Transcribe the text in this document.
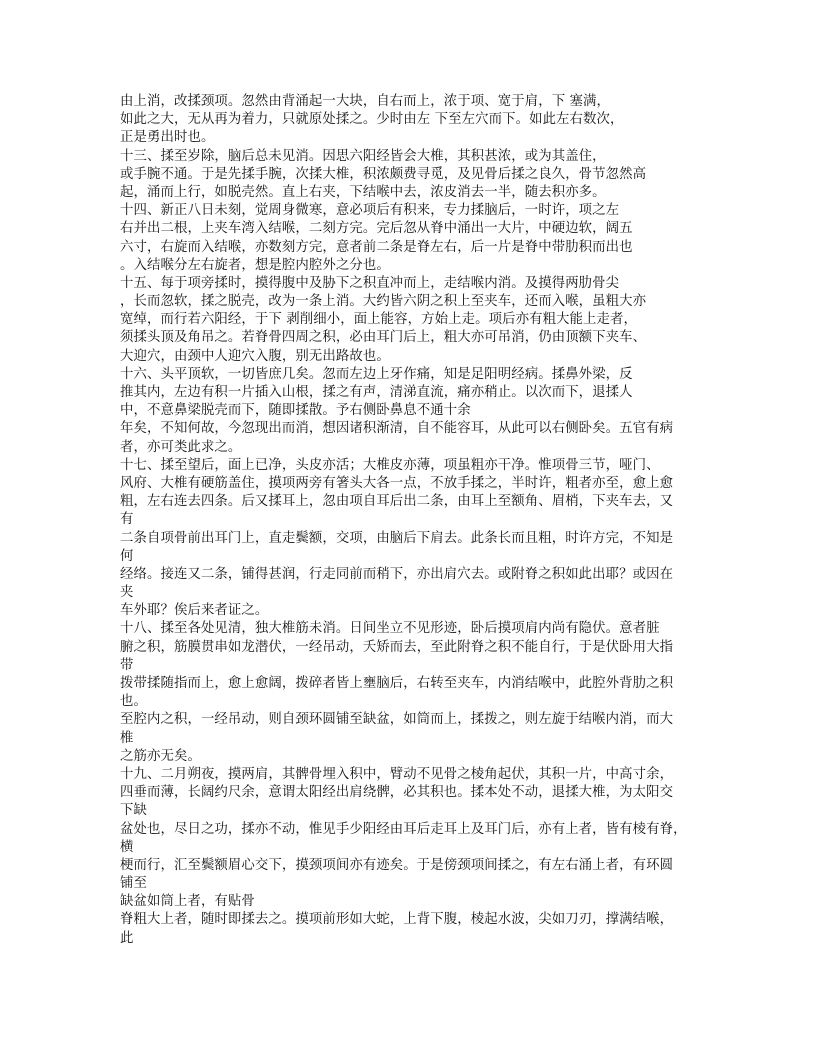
由上消，改揉颈项。忽然由背涌起一大块，自右而上，浓于项、宽于肩，下 塞满，
如此之大，无从再为着力，只就原处揉之。少时由左 下至左穴而下。如此左右数次，
正是勇出时也。
十三、揉至岁除，脑后总未见消。因思六阳经皆会大椎，其积甚浓，或为其盖住，
或手腕不通。于是先揉手腕，次揉大椎，积浓颇费寻觅，及见骨后揉之良久，骨节忽然高
起，涌而上行，如脱壳然。直上右夹，下结喉中去，浓皮消去一半，随去积亦多。
十四、新正八日未刻，觉周身微寒，意必项后有积来，专力揉脑后，一时许，项之左
右并出二根，上夹车湾入结喉，二刻方完。完后忽从脊中涌出一大片，中硬边软，阔五
六寸，右旋而入结喉，亦数刻方完，意者前二条是脊左右，后一片是脊中带肋积而出也
。入结喉分左右旋者，想是腔内腔外之分也。
十五、每于项旁揉时，摸得腹中及胁下之积直冲而上，走结喉内消。及摸得两肋骨尖
，长而忽软，揉之脱壳，改为一条上消。大约皆六阴之积上至夹车，还而入喉，虽粗大亦
宽绰，而行若六阳经，于下 剥削细小，面上能容，方始上走。项后亦有粗大能上走者，
须揉头顶及角吊之。若脊骨四周之积，必由耳门后上，粗大亦可吊消，仍由顶额下夹车、
大迎穴，由颈中人迎穴入腹，别无出路故也。
十六、头平顶软，一切皆庶几矣。忽而左边上牙作痛，知是足阳明经病。揉鼻外梁，反
推其内，左边有积一片插入山根，揉之有声，清涕直流，痛亦稍止。以次而下，退揉人
中，不意鼻梁脱壳而下，随即揉散。予右侧卧鼻息不通十余
年矣，不知何故，今忽现出而消，想因诸积渐清，自不能容耳，从此可以右侧卧矣。五官有病
者，亦可类此求之。
十七、揉至望后，面上已净，头皮亦活；大椎皮亦薄，项虽粗亦干净。惟项骨三节，哑门、
风府、大椎有硬筋盖住，摸项两旁有箸头大各一点，不放手揉之，半时许，粗者亦至，愈上愈
粗，左右连去四条。后又揉耳上，忽由项自耳后出二条，由耳上至额角、眉梢，下夹车去，又
有
二条自项骨前出耳门上，直走鬓额，交项，由脑后下肩去。此条长而且粗，时许方完，不知是
何
经络。接连又二条，铺得甚润，行走同前而稍下，亦出肩穴去。或附脊之积如此出耶？或因在
夹
车外耶？俟后来者证之。
十八、揉至各处见清，独大椎筋未消。日间坐立不见形迹，卧后摸项肩内尚有隐伏。意者脏
腑之积，筋膜贯串如龙潜伏，一经吊动，夭矫而去，至此附脊之积不能自行，于是伏卧用大指
带
拨带揉随指而上，愈上愈阔，拨碎者皆上壅脑后，右转至夹车，内消结喉中，此腔外背肋之积
也。
至腔内之积，一经吊动，则自颈环圆铺至缺盆，如筒而上，揉拨之，则左旋于结喉内消，而大
椎
之筋亦无矣。
十九、二月朔夜，摸两肩，其髀骨埋入积中，臂动不见骨之棱角起伏，其积一片，中高寸余，
四垂而薄，长阔约尺余，意谓太阳经出肩绕髀，必其积也。揉本处不动，退揉大椎，为太阳交
下缺
盆处也，尽日之功，揉亦不动，惟见手少阳经由耳后走耳上及耳门后，亦有上者，皆有棱有脊，
横
梗而行，汇至鬓额眉心交下，摸颈项间亦有迹矣。于是傍颈项间揉之，有左右涌上者，有环圆
铺至
缺盆如筒上者，有贴骨
脊粗大上者，随时即揉去之。摸项前形如大蛇，上背下腹，棱起水波，尖如刀刃，撑满结喉，
此
